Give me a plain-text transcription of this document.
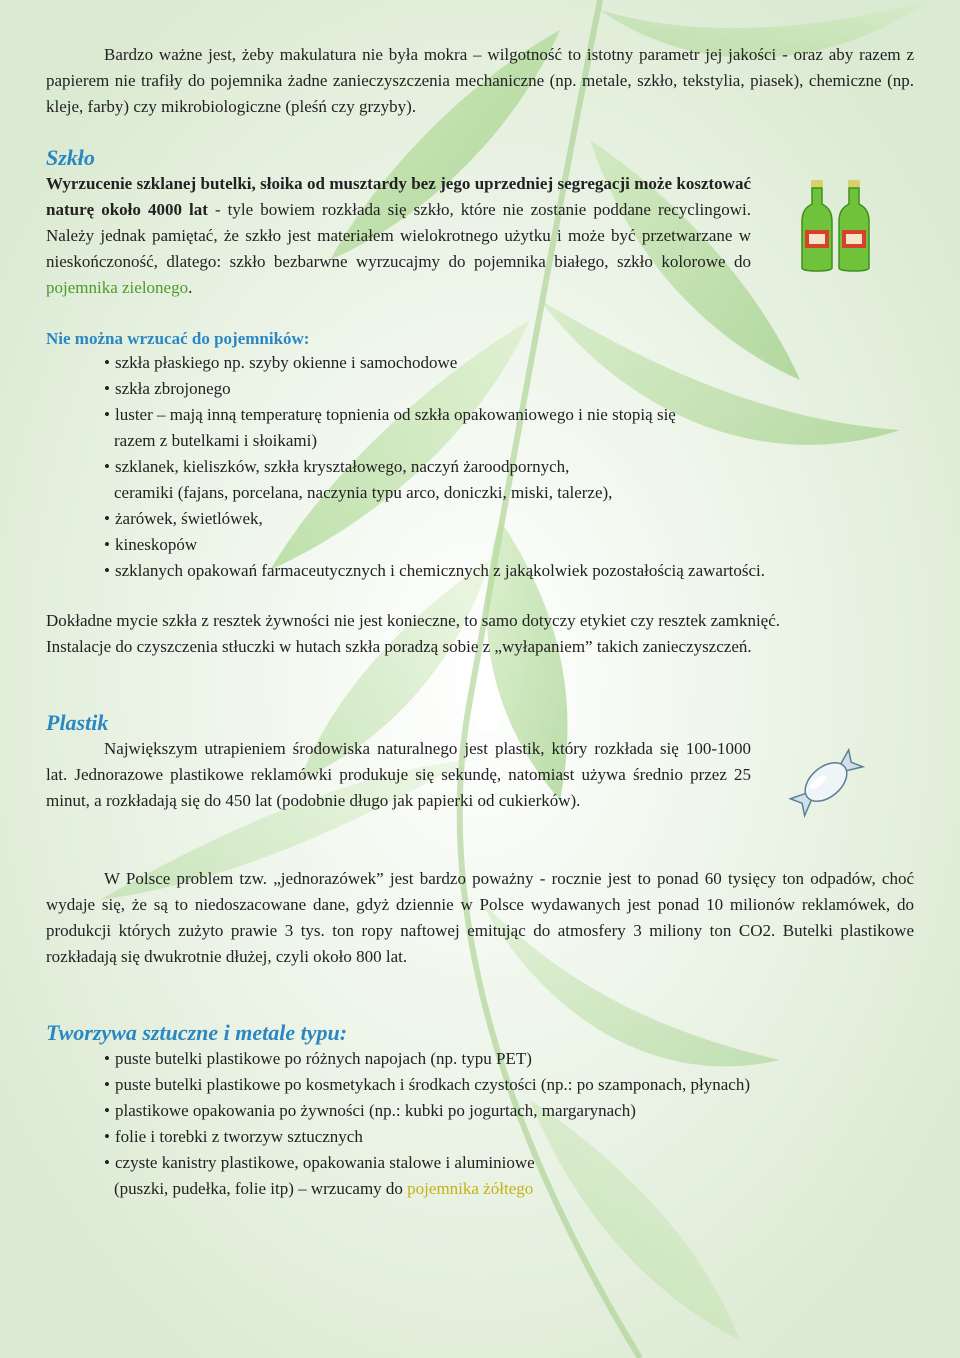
Bardzo ważne jest, żeby makulatura nie była mokra – wilgotność to istotny parametr jej jakości - oraz aby razem z papierem nie trafiły do pojemnika żadne zanieczyszczenia mechaniczne (np. metale, szkło, tekstylia, piasek), chemiczne (np. kleje, farby) czy mikrobiologiczne (pleśń czy grzyby).

Szkło

Wyrzucenie szklanej butelki, słoika od musztardy bez jego uprzedniej segregacji może kosztować naturę około 4000 lat - tyle bowiem rozkłada się szkło, które nie zostanie poddane recyclingowi. Należy jednak pamiętać, że szkło jest materiałem wielokrotnego użytku i może być przetwarzane w nieskończoność, dlatego: szkło bezbarwne wyrzucajmy do pojemnika białego, szkło kolorowe do pojemnika zielonego.

Nie można wrzucać do pojemników:
• szkła płaskiego np. szyby okienne i samochodowe
• szkła zbrojonego
• luster – mają inną temperaturę topnienia od szkła opakowaniowego i nie stopią się
razem z butelkami i słoikami)
• szklanek, kieliszków, szkła kryształowego, naczyń żaroodpornych,
ceramiki (fajans, porcelana, naczynia typu arco, doniczki, miski, talerze),
• żarówek, świetlówek,
• kineskopów
• szklanych opakowań farmaceutycznych i chemicznych z jakąkolwiek pozostałością zawartości.

Dokładne mycie szkła z resztek żywności nie jest konieczne, to samo dotyczy etykiet czy resztek zamknięć.

Instalacje do czyszczenia stłuczki w hutach szkła poradzą sobie z „wyłapaniem” takich zanieczyszczeń.

Plastik

Największym utrapieniem środowiska naturalnego jest plastik, który rozkłada się 100-1000 lat. Jednorazowe plastikowe reklamówki produkuje się sekundę, natomiast używa średnio przez 25 minut, a rozkładają się do 450 lat (podobnie długo jak papierki od cukierków).

W Polsce problem tzw. „jednorazówek” jest bardzo poważny - rocznie jest to ponad 60 tysięcy ton odpadów, choć wydaje się, że są to niedoszacowane dane, gdyż dziennie w Polsce wydawanych jest ponad 10 milionów reklamówek, do produkcji których zużyto prawie 3 tys. ton ropy naftowej emitując do atmosfery 3 miliony ton CO2. Butelki plastikowe rozkładają się dwukrotnie dłużej, czyli około 800 lat.

Tworzywa sztuczne i metale typu:
• puste butelki plastikowe po różnych napojach (np. typu PET)
• puste butelki plastikowe po kosmetykach i środkach czystości (np.: po szamponach, płynach)
• plastikowe opakowania po żywności (np.: kubki po jogurtach, margarynach)
• folie i torebki z tworzyw sztucznych
• czyste kanistry plastikowe, opakowania stalowe i aluminiowe
(puszki, pudełka, folie itp) – wrzucamy do pojemnika żółtego
